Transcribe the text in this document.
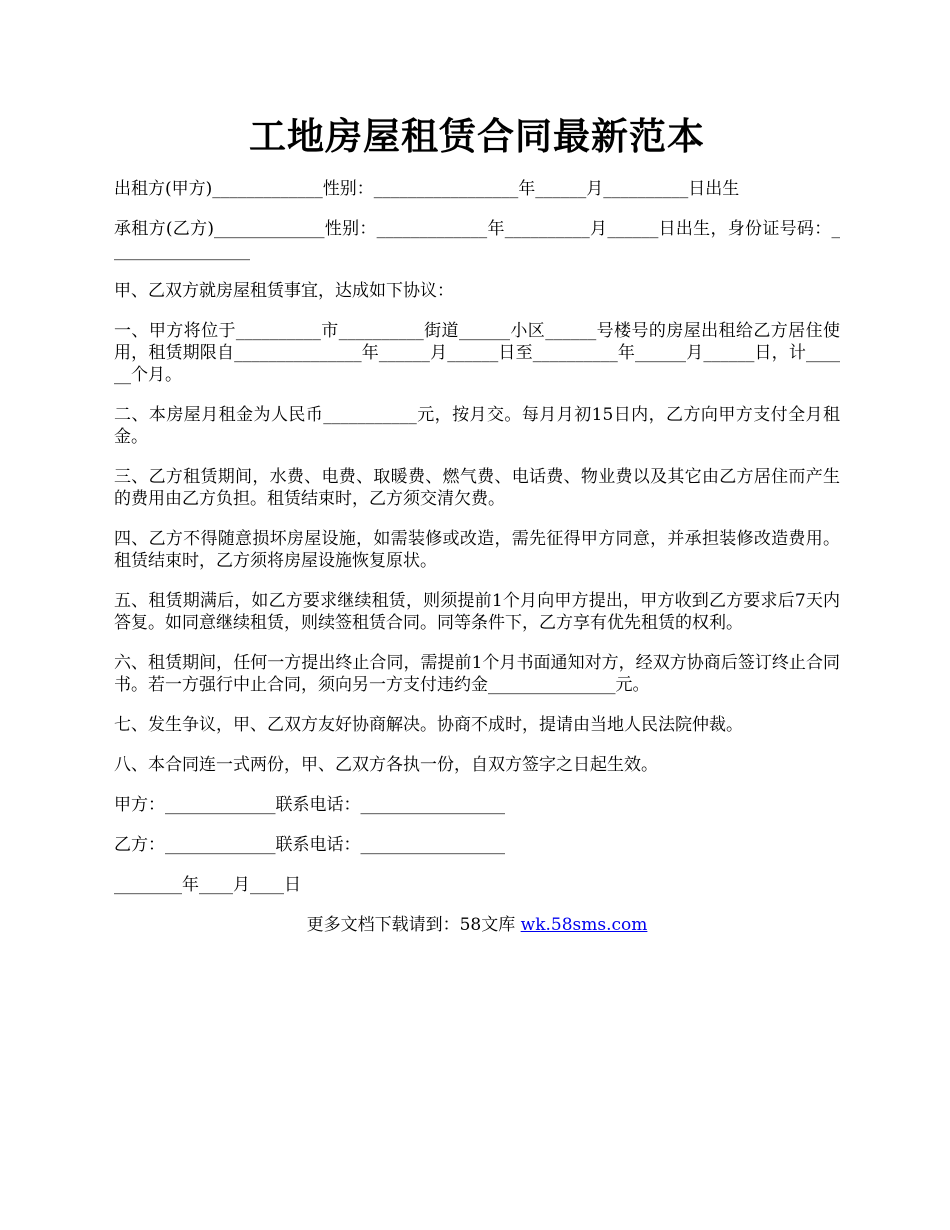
工地房屋租赁合同最新范本

出租方(甲方)_____________性别：_________________年______月__________日出生

承租方(乙方)_____________性别：_____________年__________月______日出生，身份证号码：_________________

甲、乙双方就房屋租赁事宜，达成如下协议：

一、甲方将位于__________市__________街道______小区______号楼号的房屋出租给乙方居住使用，租赁期限自_______________年______月______日至__________年______月______日，计______个月。

二、本房屋月租金为人民币___________元，按月交。每月月初15日内，乙方向甲方支付全月租金。

三、乙方租赁期间，水费、电费、取暖费、燃气费、电话费、物业费以及其它由乙方居住而产生的费用由乙方负担。租赁结束时，乙方须交清欠费。

四、乙方不得随意损坏房屋设施，如需装修或改造，需先征得甲方同意，并承担装修改造费用。租赁结束时，乙方须将房屋设施恢复原状。

五、租赁期满后，如乙方要求继续租赁，则须提前1个月向甲方提出，甲方收到乙方要求后7天内答复。如同意继续租赁，则续签租赁合同。同等条件下，乙方享有优先租赁的权利。

六、租赁期间，任何一方提出终止合同，需提前1个月书面通知对方，经双方协商后签订终止合同书。若一方强行中止合同，须向另一方支付违约金_______________元。

七、发生争议，甲、乙双方友好协商解决。协商不成时，提请由当地人民法院仲裁。

八、本合同连一式两份，甲、乙双方各执一份，自双方签字之日起生效。

甲方：_____________联系电话：_________________

乙方：_____________联系电话：_________________

________年____月____日

更多文档下载请到：58文库 wk.58sms.com
